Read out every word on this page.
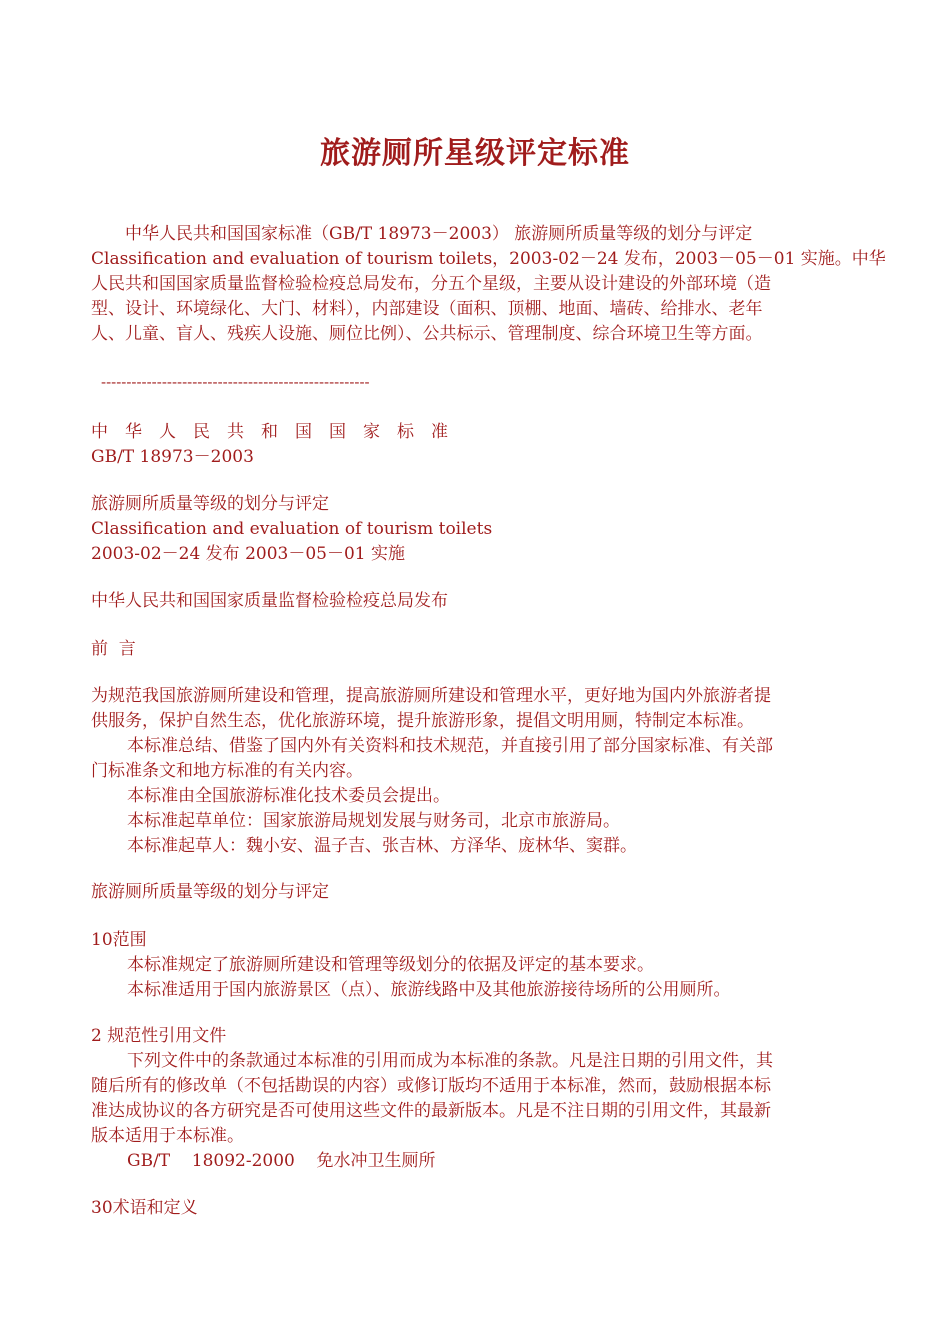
旅游厕所星级评定标准

中华人民共和国国家标准（GB/T 18973－2003） 旅游厕所质量等级的划分与评定

Classification and evaluation of tourism toilets，2003-02－24 发布，2003－05－01 实施。中华

人民共和国国家质量监督检验检疫总局发布，分五个星级，主要从设计建设的外部环境（造

型、设计、环境绿化、大门、材料），内部建设（面积、顶棚、地面、墙砖、给排水、老年

人、儿童、盲人、残疾人设施、厕位比例）、公共标示、管理制度、综合环境卫生等方面。

-----------------------------------------------------

中华人民共和国国家标准

GB/T 18973－2003

旅游厕所质量等级的划分与评定

Classification and evaluation of tourism toilets

2003-02－24 发布 2003－05－01 实施

中华人民共和国国家质量监督检验检疫总局发布

前  言

为规范我国旅游厕所建设和管理，提高旅游厕所建设和管理水平，更好地为国内外旅游者提

供服务，保护自然生态，优化旅游环境，提升旅游形象，提倡文明用厕，特制定本标准。

本标准总结、借鉴了国内外有关资料和技术规范，并直接引用了部分国家标准、有关部

门标准条文和地方标准的有关内容。

本标准由全国旅游标准化技术委员会提出。

本标准起草单位：国家旅游局规划发展与财务司，北京市旅游局。

本标准起草人：魏小安、温子吉、张吉林、方泽华、庞林华、窦群。

旅游厕所质量等级的划分与评定

10范围

本标准规定了旅游厕所建设和管理等级划分的依据及评定的基本要求。

本标准适用于国内旅游景区（点）、旅游线路中及其他旅游接待场所的公用厕所。

2 规范性引用文件

下列文件中的条款通过本标准的引用而成为本标准的条款。凡是注日期的引用文件，其

随后所有的修改单（不包括勘误的内容）或修订版均不适用于本标准，然而，鼓励根据本标

准达成协议的各方研究是否可使用这些文件的最新版本。凡是不注日期的引用文件，其最新

版本适用于本标准。

GB/T    18092-2000    免水冲卫生厕所

30术语和定义
